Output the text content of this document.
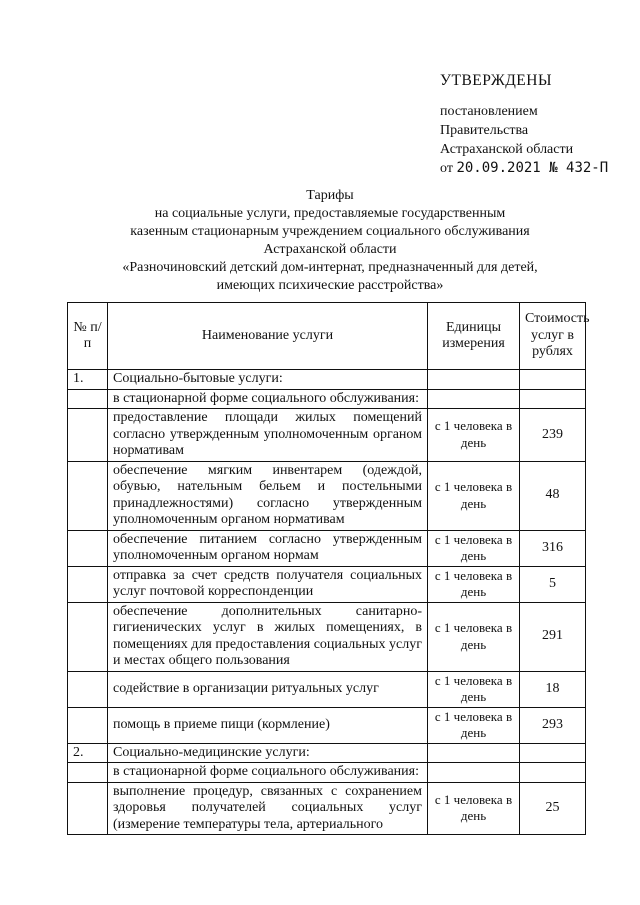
УТВЕРЖДЕНЫ
постановлением
Правительства
Астраханской области
от 20.09.2021 № 432-П
Тарифы
на социальные услуги, предоставляемые государственным
казенным стационарным учреждением социального обслуживания
Астраханской области
«Разночиновский детский дом-интернат, предназначенный для детей,
имеющих психические расстройства»
№ п/п	Наименование услуги	Единицы измерения	Стоимость услуг в рублях
1.	Социально-бытовые услуги:		
	в стационарной форме социального обслуживания:		
	предоставление площади жилых помещений согласно утвержденным уполномоченным органом нормативам	с 1 человека в день	239
	обеспечение мягким инвентарем (одеждой, обувью, нательным бельем и постельными принадлежностями) согласно утвержденным уполномоченным органом нормативам	с 1 человека в день	48
	обеспечение питанием согласно утвержденным уполномоченным органом нормам	с 1 человека в день	316
	отправка за счет средств получателя социальных услуг почтовой корреспонденции	с 1 человека в день	5
	обеспечение дополнительных санитарно-гигиенических услуг в жилых помещениях, в помещениях для предоставления социальных услуг и местах общего пользования	с 1 человека в день	291
	содействие в организации ритуальных услуг	с 1 человека в день	18
	помощь в приеме пищи (кормление)	с 1 человека в день	293
2.	Социально-медицинские услуги:		
	в стационарной форме социального обслуживания:		
	выполнение процедур, связанных с сохранением здоровья получателей социальных услуг (измерение температуры тела, артериального	с 1 человека в день	25
